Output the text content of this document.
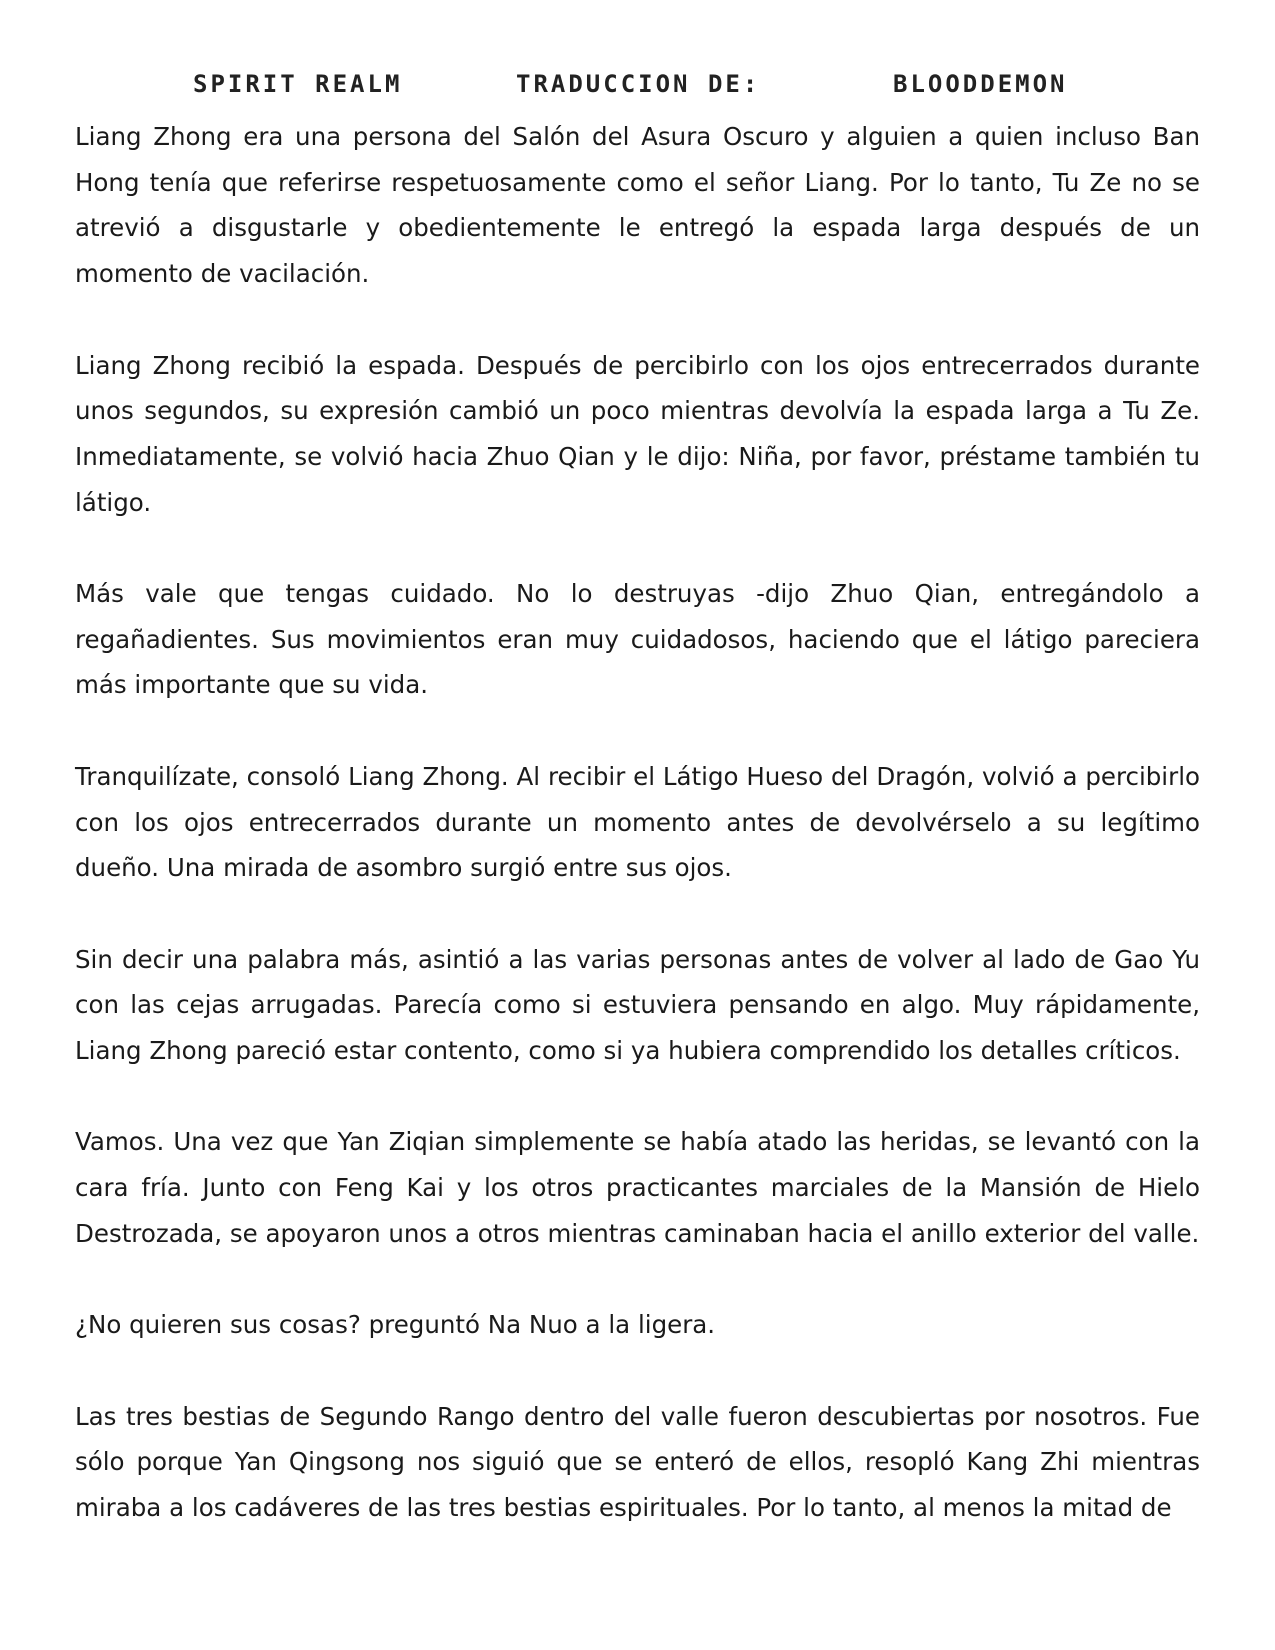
SPIRIT REALM	TRADUCCION DE:	BLOODDEMON

Liang Zhong era una persona del Salón del Asura Oscuro y alguien a quien incluso Ban Hong tenía que referirse respetuosamente como el señor Liang. Por lo tanto, Tu Ze no se atrevió a disgustarle y obedientemente le entregó la espada larga después de un momento de vacilación.

Liang Zhong recibió la espada. Después de percibirlo con los ojos entrecerrados durante unos segundos, su expresión cambió un poco mientras devolvía la espada larga a Tu Ze. Inmediatamente, se volvió hacia Zhuo Qian y le dijo: Niña, por favor, préstame también tu látigo.

Más vale que tengas cuidado. No lo destruyas -dijo Zhuo Qian, entregándolo a regañadientes. Sus movimientos eran muy cuidadosos, haciendo que el látigo pareciera más importante que su vida.

Tranquilízate, consoló Liang Zhong. Al recibir el Látigo Hueso del Dragón, volvió a percibirlo con los ojos entrecerrados durante un momento antes de devolvérselo a su legítimo dueño. Una mirada de asombro surgió entre sus ojos.

Sin decir una palabra más, asintió a las varias personas antes de volver al lado de Gao Yu con las cejas arrugadas. Parecía como si estuviera pensando en algo. Muy rápidamente, Liang Zhong pareció estar contento, como si ya hubiera comprendido los detalles críticos.

Vamos. Una vez que Yan Ziqian simplemente se había atado las heridas, se levantó con la cara fría. Junto con Feng Kai y los otros practicantes marciales de la Mansión de Hielo Destrozada, se apoyaron unos a otros mientras caminaban hacia el anillo exterior del valle.

¿No quieren sus cosas? preguntó Na Nuo a la ligera.

Las tres bestias de Segundo Rango dentro del valle fueron descubiertas por nosotros. Fue sólo porque Yan Qingsong nos siguió que se enteró de ellos, resopló Kang Zhi mientras miraba a los cadáveres de las tres bestias espirituales. Por lo tanto, al menos la mitad de
